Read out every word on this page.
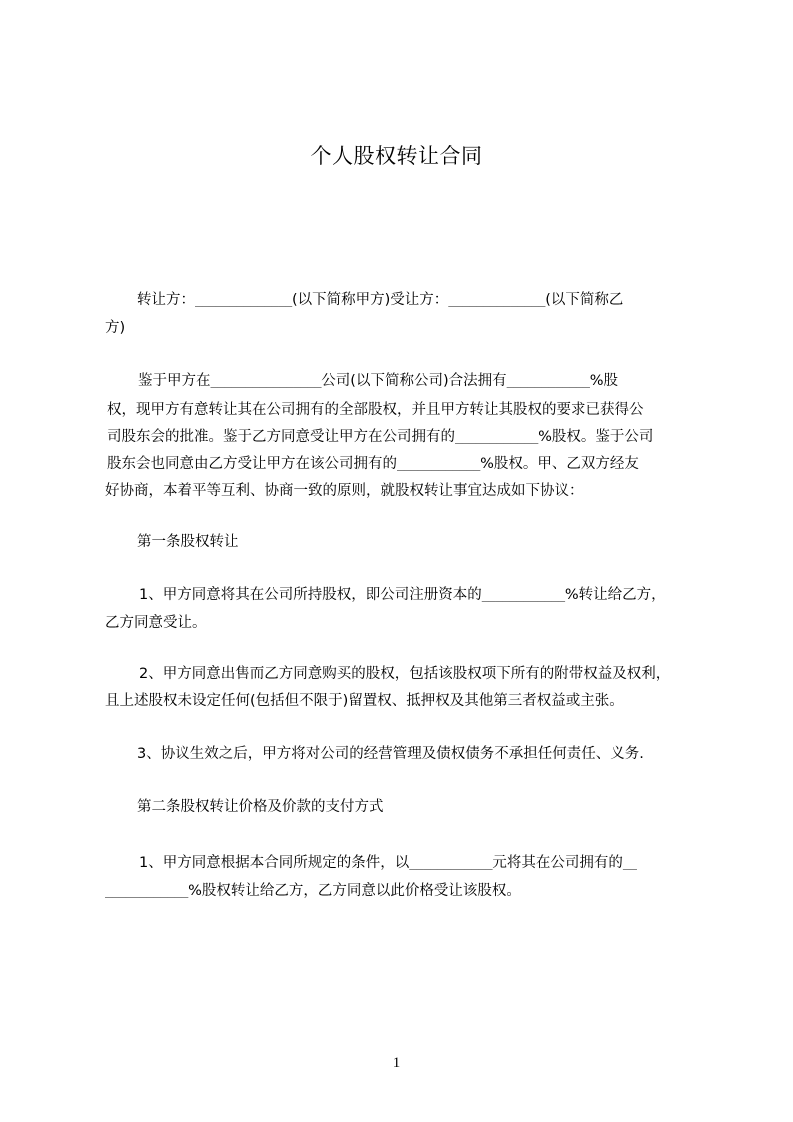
个人股权转让合同
转让方：______________(以下简称甲方)受让方：______________(以下简称乙
方)
鉴于甲方在________________公司(以下简称公司)合法拥有____________%股
权，现甲方有意转让其在公司拥有的全部股权，并且甲方转让其股权的要求已获得公
司股东会的批准。鉴于乙方同意受让甲方在公司拥有的____________%股权。鉴于公司
股东会也同意由乙方受让甲方在该公司拥有的____________%股权。甲、乙双方经友
好协商，本着平等互利、协商一致的原则，就股权转让事宜达成如下协议：
第一条股权转让
1、甲方同意将其在公司所持股权，即公司注册资本的____________%转让给乙方，
乙方同意受让。
2、甲方同意出售而乙方同意购买的股权，包括该股权项下所有的附带权益及权利，
且上述股权未设定任何(包括但不限于)留置权、抵押权及其他第三者权益或主张。
3、协议生效之后，甲方将对公司的经营管理及债权债务不承担任何责任、义务.
第二条股权转让价格及价款的支付方式
1、甲方同意根据本合同所规定的条件，以____________元将其在公司拥有的__
____________%股权转让给乙方，乙方同意以此价格受让该股权。
1
